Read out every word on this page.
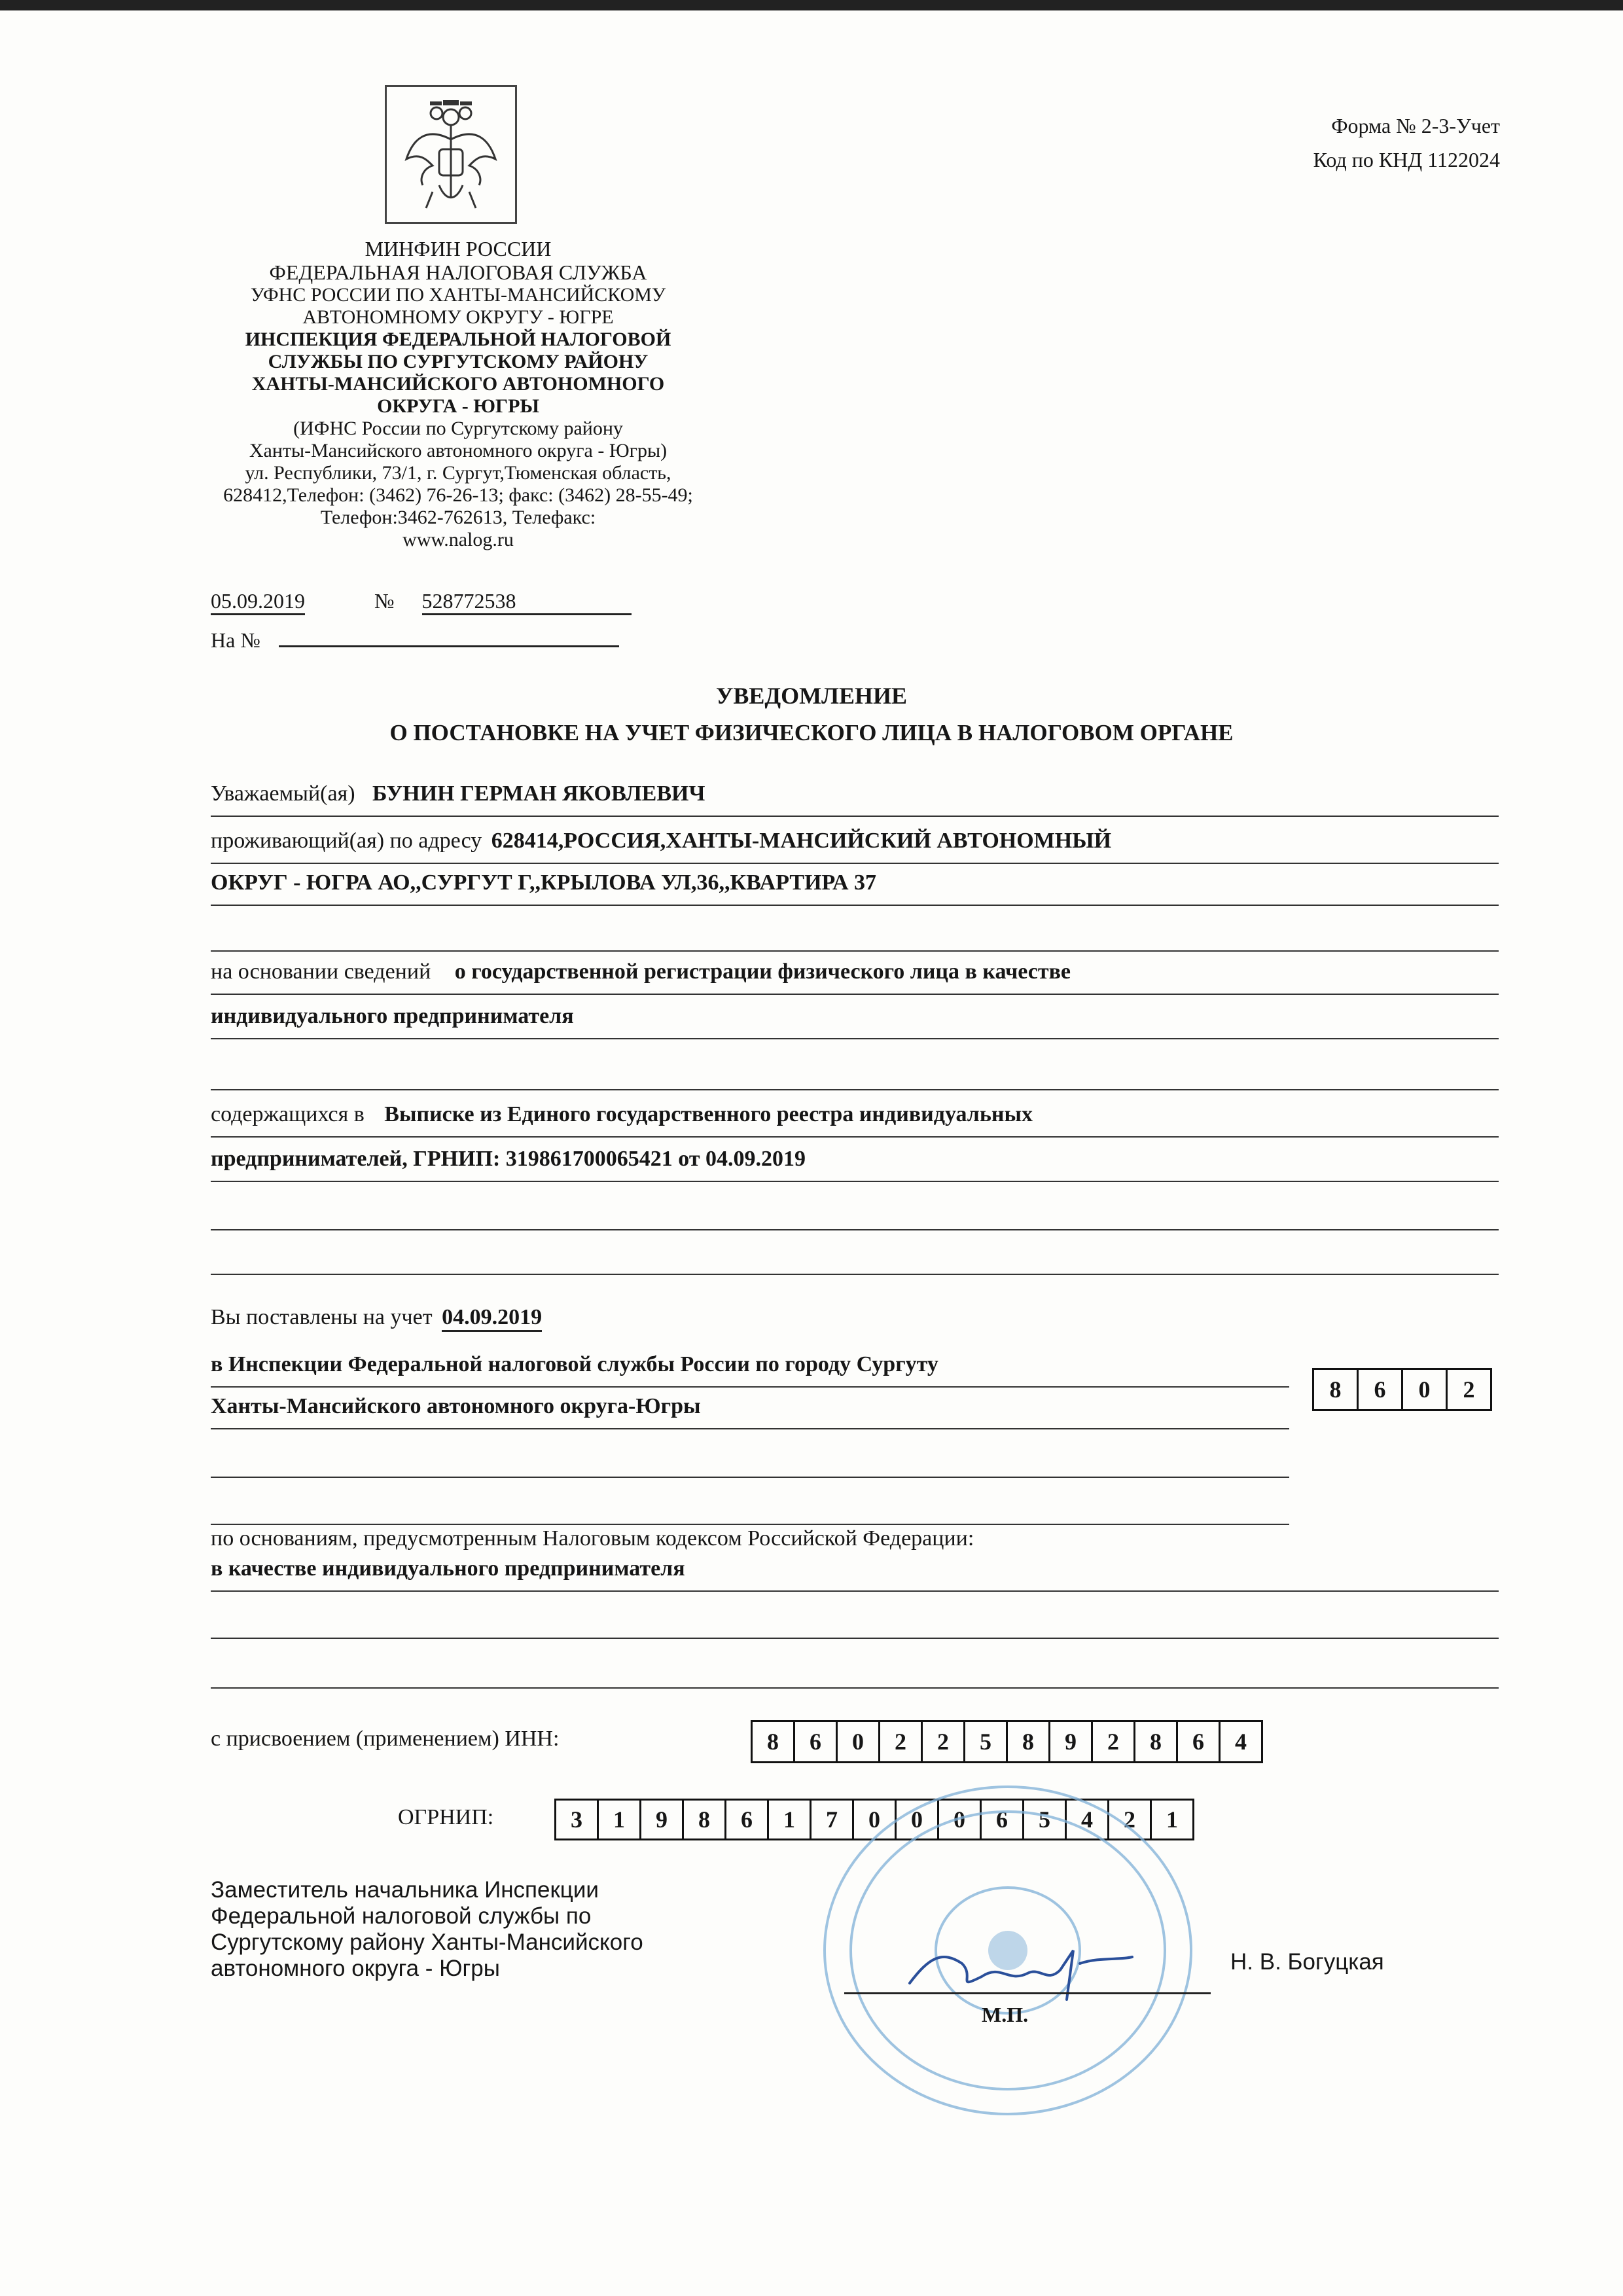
МИНФИН РОССИИ
ФЕДЕРАЛЬНАЯ НАЛОГОВАЯ СЛУЖБА
УФНС РОССИИ ПО ХАНТЫ-МАНСИЙСКОМУ
АВТОНОМНОМУ ОКРУГУ - ЮГРЕ
ИНСПЕКЦИЯ ФЕДЕРАЛЬНОЙ НАЛОГОВОЙ
СЛУЖБЫ ПО СУРГУТСКОМУ РАЙОНУ
ХАНТЫ-МАНСИЙСКОГО АВТОНОМНОГО
ОКРУГА - ЮГРЫ
(ИФНС России по Сургутскому району
Ханты-Мансийского автономного округа - Югры)
ул. Республики, 73/1, г. Сургут,Тюменская область,
628412,Телефон: (3462) 76-26-13; факс: (3462) 28-55-49;
Телефон:3462-762613, Телефакс:
www.nalog.ru
Форма № 2-3-Учет
Код по КНД 1122024
05.09.2019	№ 528772538
На №
УВЕДОМЛЕНИЕ
О ПОСТАНОВКЕ НА УЧЕТ ФИЗИЧЕСКОГО ЛИЦА В НАЛОГОВОМ ОРГАНЕ
Уважаемый(ая) БУНИН ГЕРМАН ЯКОВЛЕВИЧ
проживающий(ая) по адресу 628414,РОССИЯ,ХАНТЫ-МАНСИЙСКИЙ АВТОНОМНЫЙ
ОКРУГ - ЮГРА АО,,СУРГУТ Г,,КРЫЛОВА УЛ,36,,КВАРТИРА 37
на основании сведений о государственной регистрации физического лица в качестве
индивидуального предпринимателя
содержащихся в Выписке из Единого государственного реестра индивидуальных
предпринимателей, ГРНИП: 319861700065421 от 04.09.2019
Вы поставлены на учет 04.09.2019
в Инспекции Федеральной налоговой службы России по городу Сургуту
Ханты-Мансийского автономного округа-Югры
8	6	0	2
по основаниям, предусмотренным Налоговым кодексом Российской Федерации:
в качестве индивидуального предпринимателя
с присвоением (применением) ИНН:	8	6	0	2	2	5	8	9	2	8	6	4
ОГРНИП:	3	1	9	8	6	1	7	0	0	0	6	5	4	2	1
Заместитель начальника Инспекции
Федеральной налоговой службы по
Сургутскому району Ханты-Мансийского
автономного округа - Югры
М.П.
Н. В. Богуцкая
